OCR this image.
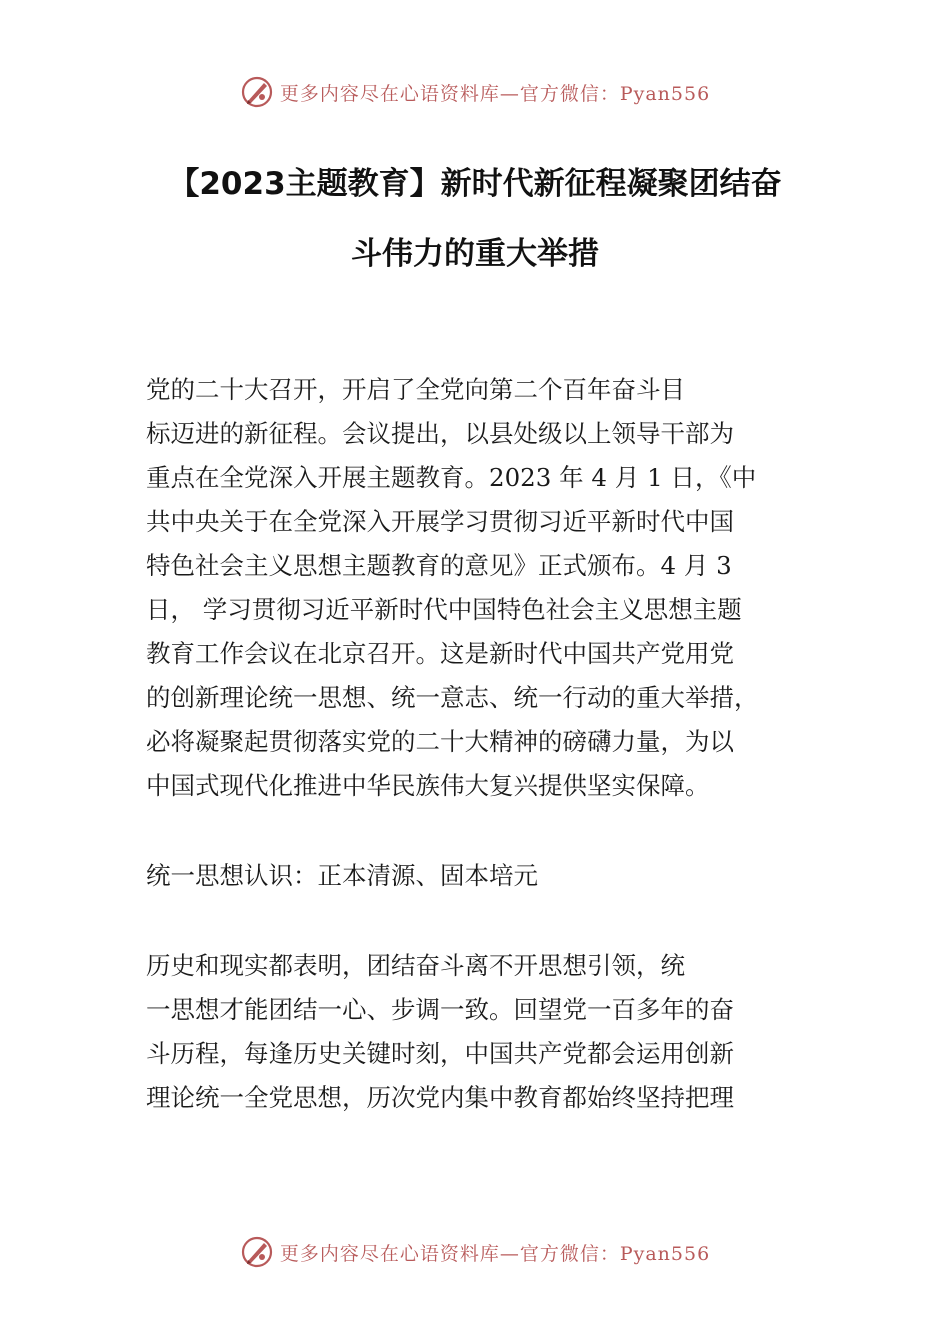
更多内容尽在心语资料库—官方微信：Pyan556
【2023主题教育】新时代新征程凝聚团结奋
斗伟力的重大举措
党的二十大召开，开启了全党向第二个百年奋斗目
标迈进的新征程。会议提出，以县处级以上领导干部为
重点在全党深入开展主题教育。2023 年 4 月 1 日，《中
共中央关于在全党深入开展学习贯彻习近平新时代中国
特色社会主义思想主题教育的意见》正式颁布。4 月 3
日， 学习贯彻习近平新时代中国特色社会主义思想主题
教育工作会议在北京召开。这是新时代中国共产党用党
的创新理论统一思想、统一意志、统一行动的重大举措，
必将凝聚起贯彻落实党的二十大精神的磅礴力量，为以
中国式现代化推进中华民族伟大复兴提供坚实保障。
统一思想认识：正本清源、固本培元
历史和现实都表明，团结奋斗离不开思想引领，统
一思想才能团结一心、步调一致。回望党一百多年的奋
斗历程，每逢历史关键时刻，中国共产党都会运用创新
理论统一全党思想，历次党内集中教育都始终坚持把理
更多内容尽在心语资料库—官方微信：Pyan556
